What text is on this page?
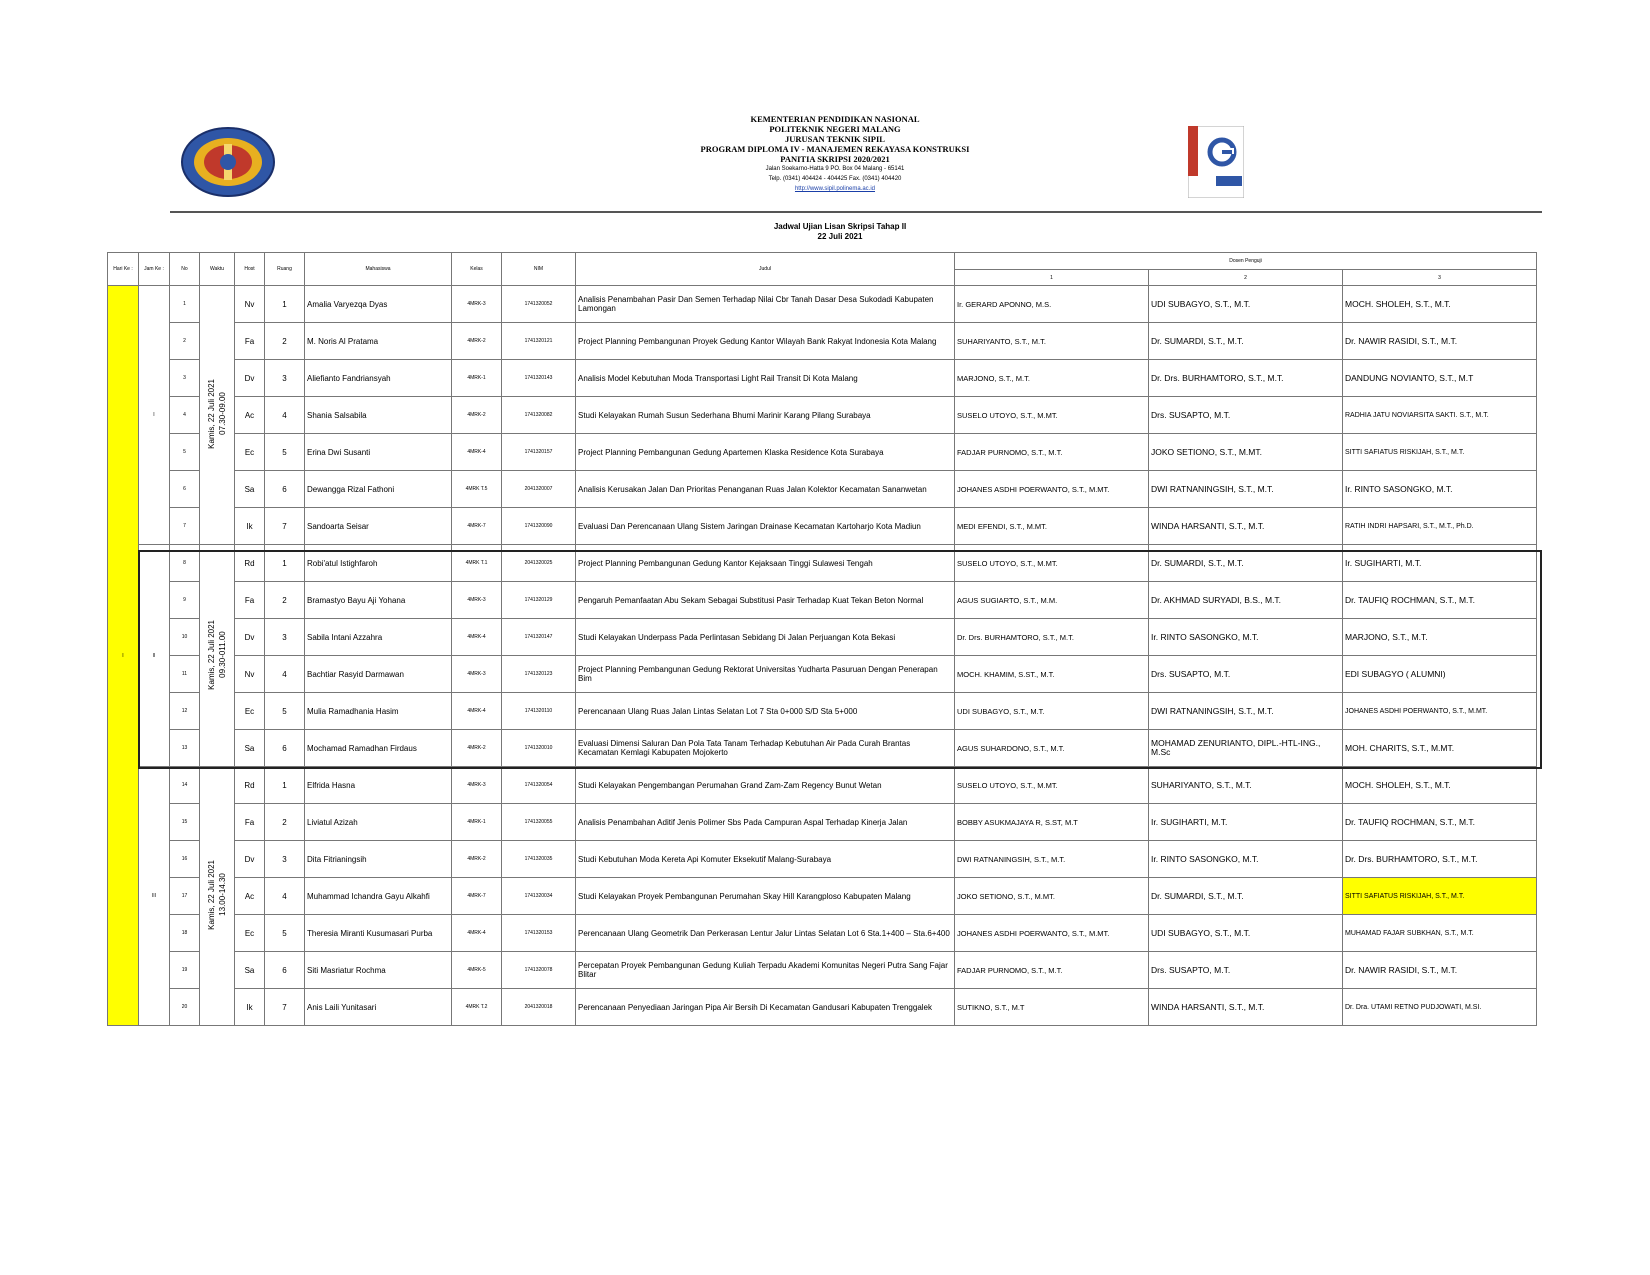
KEMENTERIAN PENDIDIKAN NASIONAL
POLITEKNIK NEGERI MALANG
JURUSAN TEKNIK SIPIL
PROGRAM DIPLOMA IV - MANAJEMEN REKAYASA KONSTRUKSI
PANITIA SKRIPSI 2020/2021
Jalan Soekarno-Hatta 9 PO. Box 04 Malang - 65141
Telp. (0341) 404424 - 404425 Fax. (0341) 404420
http://www.sipil.polinema.ac.id
Jadwal Ujian Lisan Skripsi Tahap II
22 Juli 2021
Hari Ke :	Jam Ke :	No	Waktu	Host	Ruang	Mahasiswa	Kelas	NIM	Judul	Dosen Penguji		
										1	2	3
I	I	1	Kamis, 22 Juli 2021 07.30-09.00	Nv	1	Amalia Varyezqa Dyas	4MRK-3	1741320052	Analisis Penambahan Pasir Dan Semen Terhadap Nilai Cbr Tanah Dasar Desa Sukodadi Kabupaten Lamongan	Ir. GERARD APONNO, M.S.	UDI SUBAGYO, S.T., M.T.	MOCH. SHOLEH, S.T., M.T.
		2		Fa	2	M. Noris Al Pratama	4MRK-2	1741320121	Project Planning Pembangunan Proyek Gedung Kantor Wilayah Bank Rakyat Indonesia Kota Malang	SUHARIYANTO, S.T., M.T.	Dr. SUMARDI, S.T., M.T.	Dr. NAWIR RASIDI, S.T., M.T.
		3		Dv	3	Aliefianto Fandriansyah	4MRK-1	1741320143	Analisis Model Kebutuhan Moda Transportasi Light Rail Transit Di Kota Malang	MARJONO, S.T., M.T.	Dr. Drs. BURHAMTORO, S.T., M.T.	DANDUNG NOVIANTO, S.T., M.T
		4		Ac	4	Shania Salsabila	4MRK-2	1741320082	Studi Kelayakan Rumah Susun Sederhana Bhumi Marinir Karang Pilang Surabaya	SUSELO UTOYO, S.T., M.MT.	Drs. SUSAPTO, M.T.	RADHIA JATU NOVIARSITA SAKTI. S.T., M.T.
		5		Ec	5	Erina Dwi Susanti	4MRK-4	1741320157	Project Planning Pembangunan Gedung Apartemen Klaska Residence Kota Surabaya	FADJAR PURNOMO, S.T., M.T.	JOKO SETIONO, S.T., M.MT.	SITTI SAFIATUS RISKIJAH, S.T., M.T.
		6		Sa	6	Dewangga Rizal Fathoni	4MRK T.5	2041320007	Analisis Kerusakan Jalan Dan Prioritas Penanganan Ruas Jalan Kolektor Kecamatan Sananwetan	JOHANES ASDHI POERWANTO, S.T., M.MT.	DWI RATNANINGSIH, S.T., M.T.	Ir. RINTO SASONGKO, M.T.
		7		Ik	7	Sandoarta Seisar	4MRK-7	1741320090	Evaluasi Dan Perencanaan Ulang Sistem Jaringan Drainase Kecamatan Kartoharjo Kota Madiun	MEDI EFENDI, S.T., M.MT.	WINDA HARSANTI, S.T., M.T.	RATIH INDRI HAPSARI, S.T., M.T., Ph.D.
	II	8	Kamis, 22 Juli 2021 09.30-011.00	Rd	1	Robi'atul Istighfaroh	4MRK T.1	2041320025	Project Planning Pembangunan Gedung Kantor Kejaksaan Tinggi Sulawesi Tengah	SUSELO UTOYO, S.T., M.MT.	Dr. SUMARDI, S.T., M.T.	Ir. SUGIHARTI, M.T.
		9		Fa	2	Bramastyo Bayu Aji Yohana	4MRK-3	1741320129	Pengaruh Pemanfaatan Abu Sekam Sebagai Substitusi Pasir Terhadap Kuat Tekan Beton Normal	AGUS SUGIARTO, S.T., M.M.	Dr. AKHMAD SURYADI, B.S., M.T.	Dr. TAUFIQ ROCHMAN, S.T., M.T.
		10		Dv	3	Sabila Intani Azzahra	4MRK-4	1741320147	Studi Kelayakan Underpass Pada Perlintasan Sebidang Di Jalan Perjuangan Kota Bekasi	Dr. Drs. BURHAMTORO, S.T., M.T.	Ir. RINTO SASONGKO, M.T.	MARJONO, S.T., M.T.
		11		Nv	4	Bachtiar Rasyid Darmawan	4MRK-3	1741320123	Project Planning Pembangunan Gedung Rektorat Universitas Yudharta Pasuruan Dengan Penerapan Bim	MOCH. KHAMIM, S.ST., M.T.	Drs. SUSAPTO, M.T.	EDI SUBAGYO ( ALUMNI)
		12		Ec	5	Mulia Ramadhania Hasim	4MRK-4	1741320110	Perencanaan Ulang Ruas Jalan Lintas Selatan Lot 7 Sta 0+000 S/D Sta 5+000	UDI SUBAGYO, S.T., M.T.	DWI RATNANINGSIH, S.T., M.T.	JOHANES ASDHI POERWANTO, S.T., M.MT.
		13		Sa	6	Mochamad Ramadhan Firdaus	4MRK-2	1741320010	Evaluasi Dimensi Saluran Dan Pola Tata Tanam Terhadap Kebutuhan Air Pada Curah Brantas Kecamatan Kemlagi Kabupaten Mojokerto	AGUS SUHARDONO, S.T., M.T.	MOHAMAD ZENURIANTO, DIPL.-HTL-ING., M.Sc	MOH. CHARITS, S.T., M.MT.
	III	14	Kamis, 22 Juli 2021 13.00-14.30	Rd	1	Elfrida Hasna	4MRK-3	1741320054	Studi Kelayakan Pengembangan Perumahan Grand Zam-Zam Regency Bunut Wetan	SUSELO UTOYO, S.T., M.MT.	SUHARIYANTO, S.T., M.T.	MOCH. SHOLEH, S.T., M.T.
		15		Fa	2	Liviatul Azizah	4MRK-1	1741320055	Analisis Penambahan Aditif Jenis Polimer Sbs Pada Campuran Aspal Terhadap Kinerja Jalan	BOBBY ASUKMAJAYA R, S.ST, M.T	Ir. SUGIHARTI, M.T.	Dr. TAUFIQ ROCHMAN, S.T., M.T.
		16		Dv	3	Dita Fitrianingsih	4MRK-2	1741320035	Studi Kebutuhan Moda Kereta Api Komuter Eksekutif Malang-Surabaya	DWI RATNANINGSIH, S.T., M.T.	Ir. RINTO SASONGKO, M.T.	Dr. Drs. BURHAMTORO, S.T., M.T.
		17		Ac	4	Muhammad Ichandra Gayu Alkahfi	4MRK-7	1741320034	Studi Kelayakan Proyek Pembangunan Perumahan Skay Hill Karangploso Kabupaten Malang	JOKO SETIONO, S.T., M.MT.	Dr. SUMARDI, S.T., M.T.	SITTI SAFIATUS RISKIJAH, S.T., M.T.
		18		Ec	5	Theresia Miranti Kusumasari Purba	4MRK-4	1741320153	Perencanaan Ulang Geometrik Dan Perkerasan Lentur Jalur Lintas Selatan Lot 6 Sta.1+400 – Sta.6+400	JOHANES ASDHI POERWANTO, S.T., M.MT.	UDI SUBAGYO, S.T., M.T.	MUHAMAD FAJAR SUBKHAN, S.T., M.T.
		19		Sa	6	Siti Masriatur Rochma	4MRK-5	1741320078	Percepatan Proyek Pembangunan Gedung Kuliah Terpadu Akademi Komunitas Negeri Putra Sang Fajar Blitar	FADJAR PURNOMO, S.T., M.T.	Drs. SUSAPTO, M.T.	Dr. NAWIR RASIDI, S.T., M.T.
		20		Ik	7	Anis Laili Yunitasari	4MRK T.2	2041320018	Perencanaan Penyediaan Jaringan Pipa Air Bersih Di Kecamatan Gandusari Kabupaten Trenggalek	SUTIKNO, S.T., M.T	WINDA HARSANTI, S.T., M.T.	Dr. Dra. UTAMI RETNO PUDJOWATI, M.SI.
